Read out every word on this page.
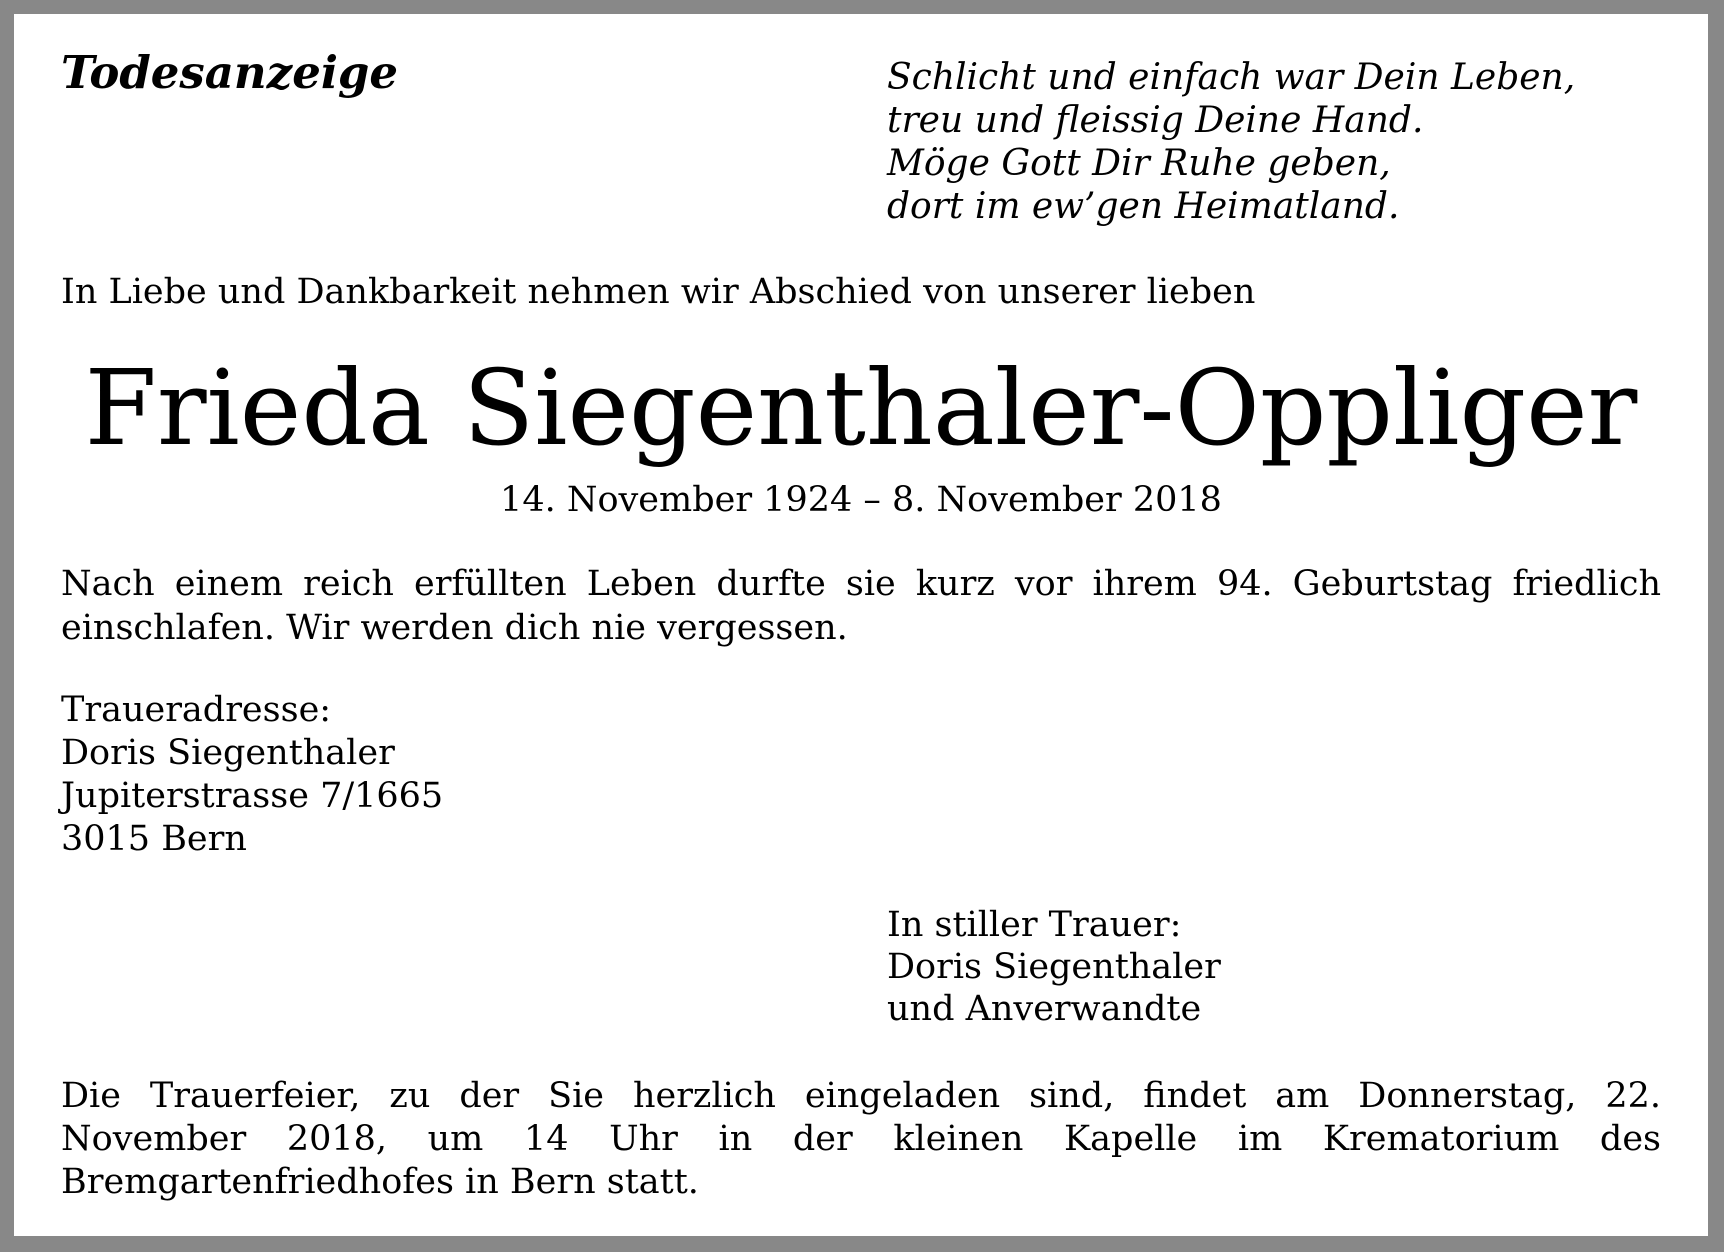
Todesanzeige	Schlicht und einfach war Dein Leben,
treu und fleissig Deine Hand.
Möge Gott Dir Ruhe geben,
dort im ew’gen Heimatland.
In Liebe und Dankbarkeit nehmen wir Abschied von unserer lieben
Frieda Siegenthaler-Oppliger
14. November 1924 – 8. November 2018

Nach einem reich erfüllten Leben durfte sie kurz vor ihrem 94. Geburtstag friedlich einschlafen. Wir werden dich nie vergessen.

Traueradresse:
Doris Siegenthaler
Jupiterstrasse 7/1665
3015 Bern
In stiller Trauer:
Doris Siegenthaler
und Anverwandte

Die Trauerfeier, zu der Sie herzlich eingeladen sind, findet am Donnerstag, 22. November 2018, um 14 Uhr in der kleinen Kapelle im Krematorium des Bremgartenfriedhofes in Bern statt.
